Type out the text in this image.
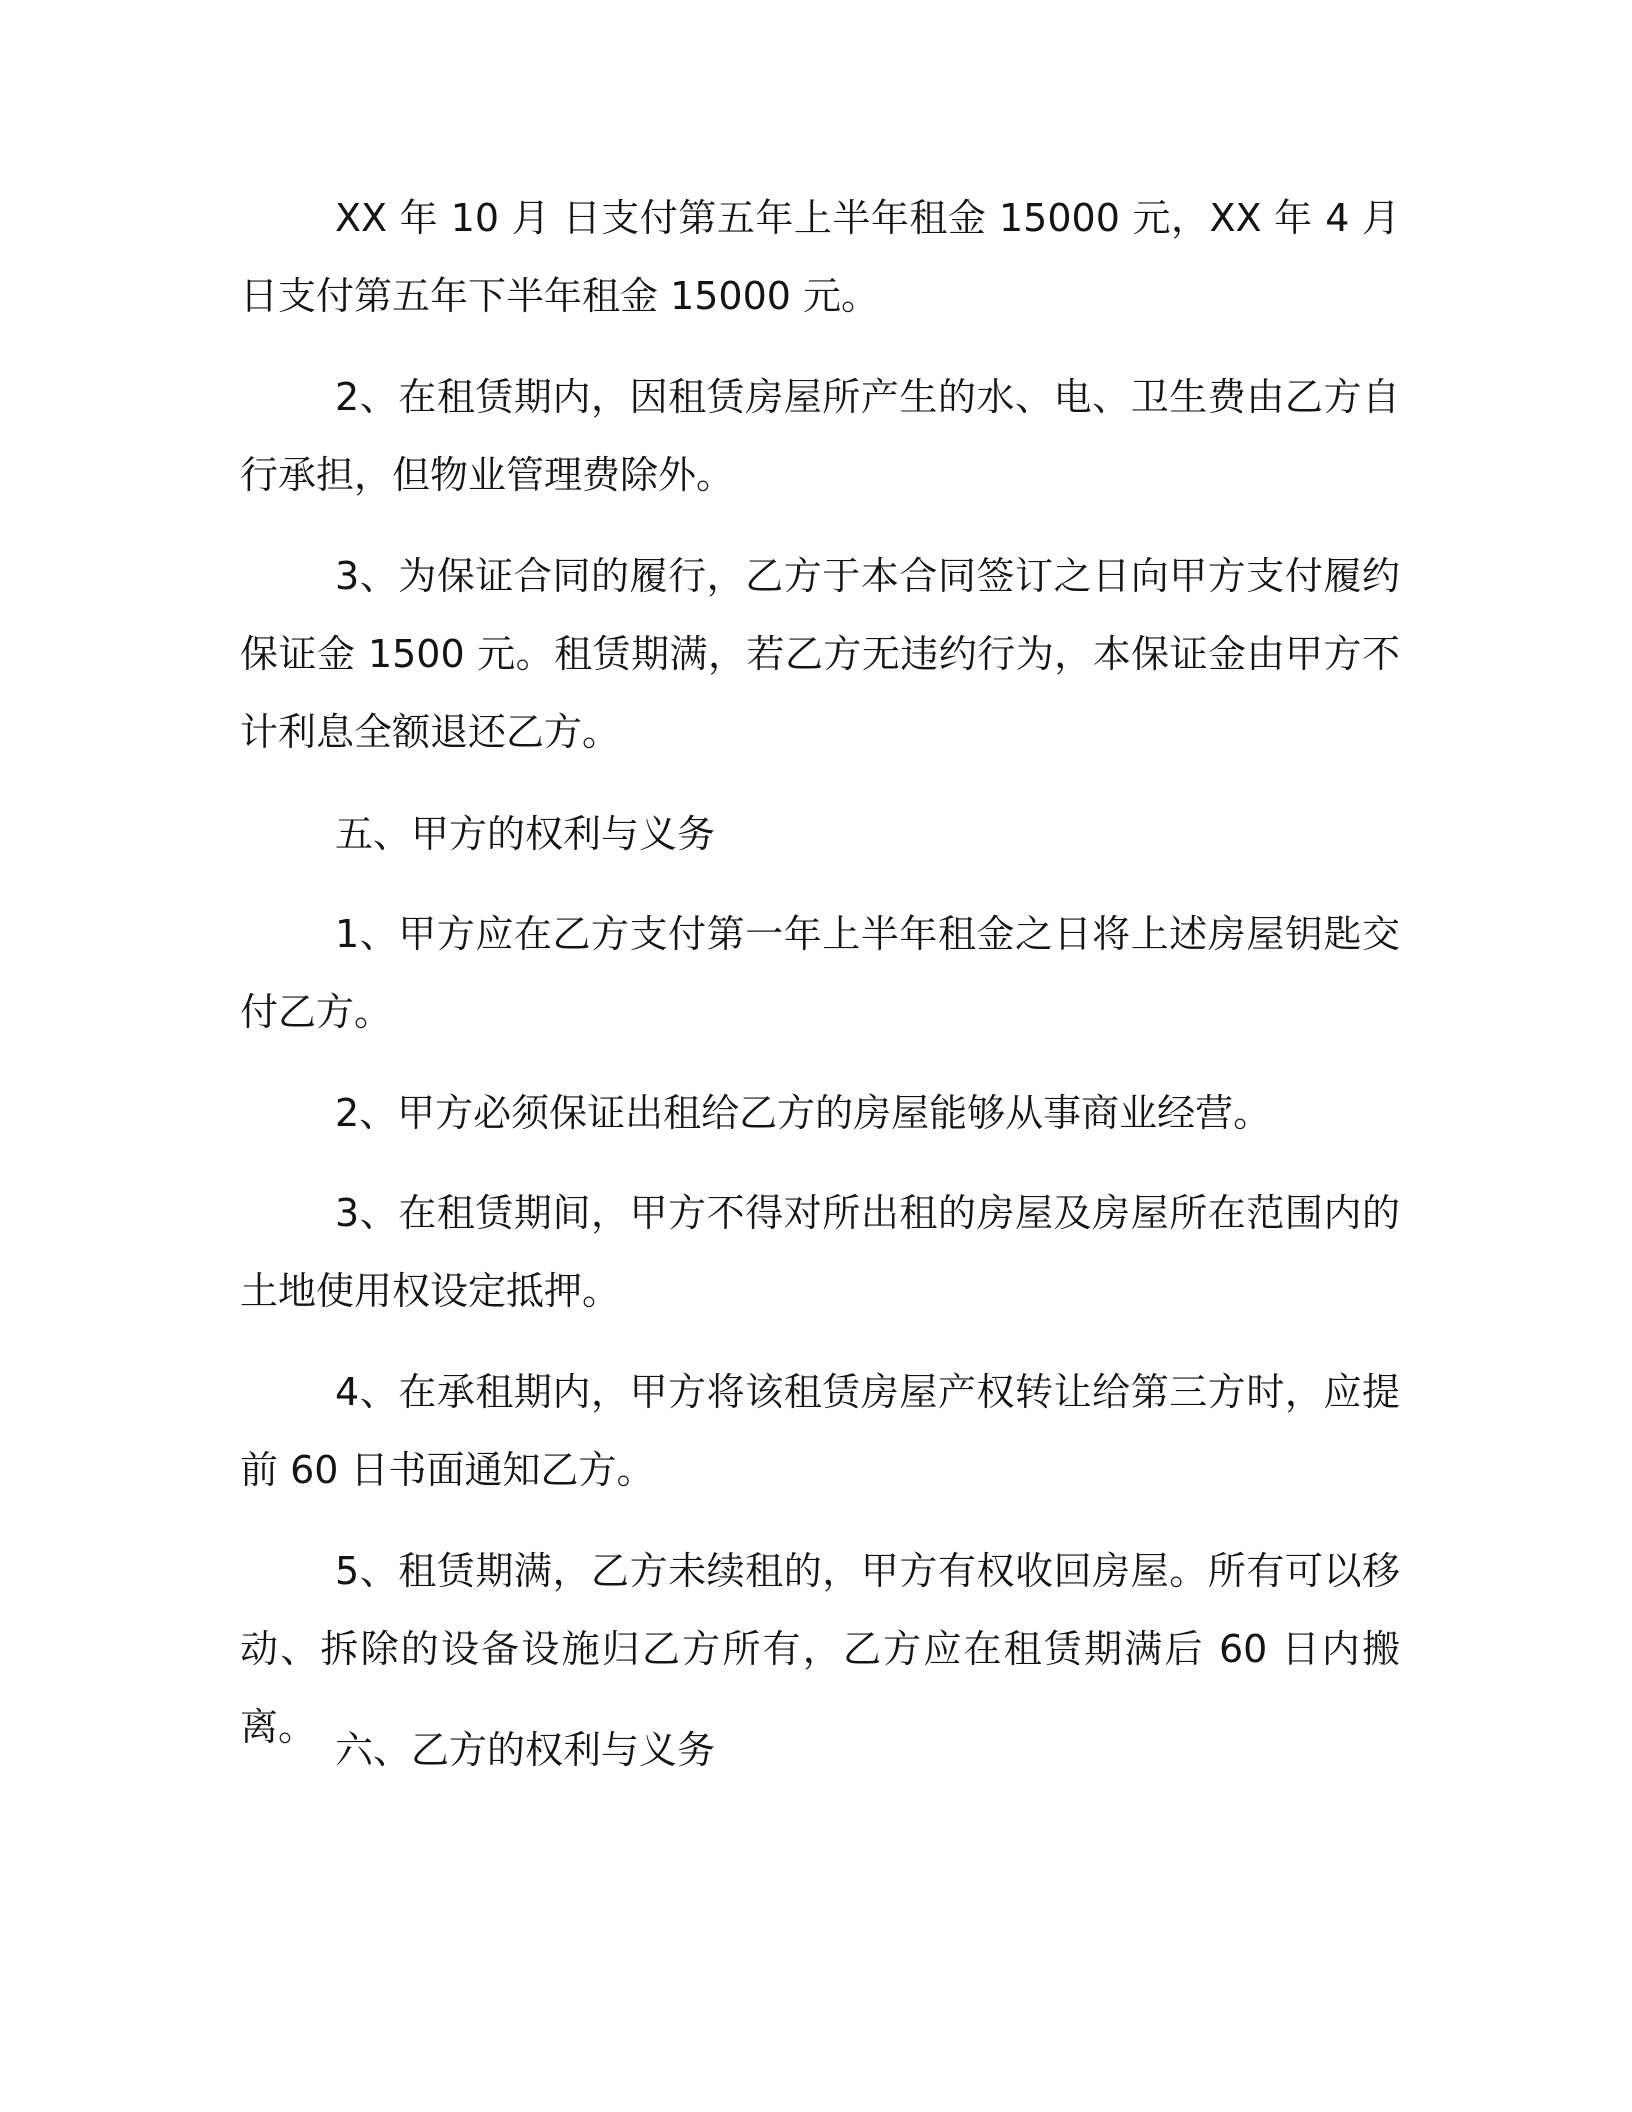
XX 年 10 月 日支付第五年上半年租金 15000 元，XX 年 4 月 日支付第五年下半年租金 15000 元。

2、在租赁期内，因租赁房屋所产生的水、电、卫生费由乙方自行承担，但物业管理费除外。

3、为保证合同的履行，乙方于本合同签订之日向甲方支付履约保证金 1500 元。租赁期满，若乙方无违约行为，本保证金由甲方不计利息全额退还乙方。

五、甲方的权利与义务

1、甲方应在乙方支付第一年上半年租金之日将上述房屋钥匙交付乙方。

2、甲方必须保证出租给乙方的房屋能够从事商业经营。

3、在租赁期间，甲方不得对所出租的房屋及房屋所在范围内的土地使用权设定抵押。

4、在承租期内，甲方将该租赁房屋产权转让给第三方时，应提前 60 日书面通知乙方。

5、租赁期满，乙方未续租的，甲方有权收回房屋。所有可以移动、拆除的设备设施归乙方所有，乙方应在租赁期满后 60 日内搬离。

六、乙方的权利与义务
